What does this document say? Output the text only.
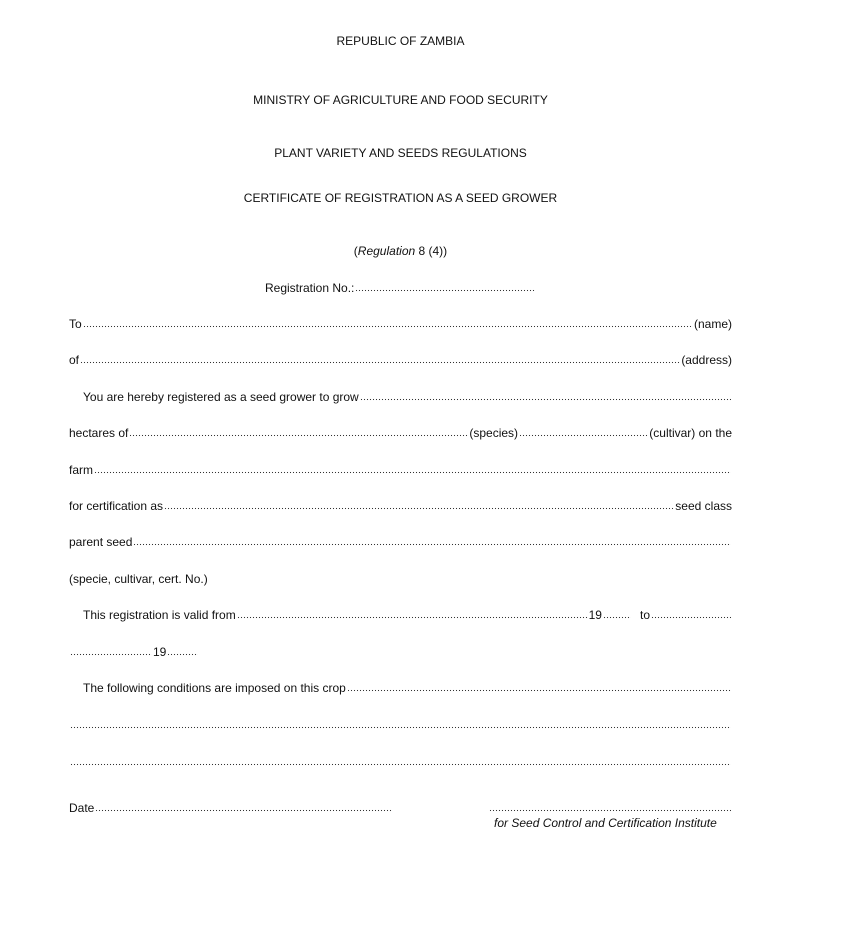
REPUBLIC OF ZAMBIA
MINISTRY OF AGRICULTURE AND FOOD SECURITY
PLANT VARIETY AND SEEDS REGULATIONS
CERTIFICATE OF REGISTRATION AS A SEED GROWER
(Regulation 8 (4))
Registration No.:
To	(name)
of	(address)
You are hereby registered as a seed grower to grow
hectares of	(species)	(cultivar) on the
farm
for certification as	seed class
parent seed
(specie, cultivar, cert. No.)
This registration is valid from	19	to
19
The following conditions are imposed on this crop
Date
for Seed Control and Certification Institute
